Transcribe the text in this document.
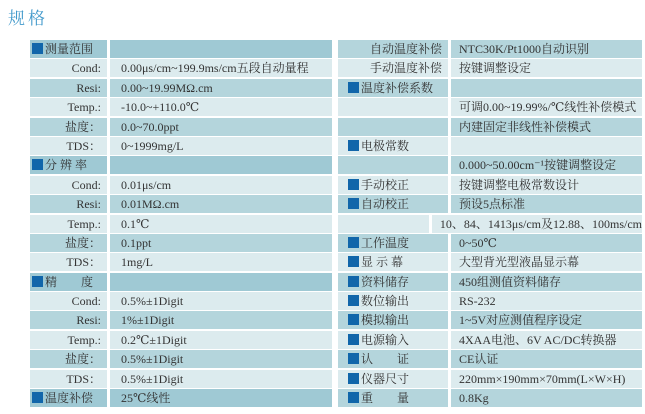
规格
测量范围
Cond:	0.00μs/cm~199.9ms/cm五段自动量程
Resi:	0.00~19.99MΩ.cm
Temp.:	-10.0~+110.0℃
盐度：	0.0~70.0ppt
TDS：	0~1999mg/L
分 辨 率
Cond:	0.01μs/cm
Resi:	0.01MΩ.cm
Temp.:	0.1℃
盐度：	0.1ppt
TDS：	1mg/L
精　　度
Cond:	0.5%±1Digit
Resi:	1%±1Digit
Temp.:	0.2℃±1Digit
盐度：	0.5%±1Digit
TDS：	0.5%±1Digit
温度补偿	25℃线性
自动温度补偿	NTC30K/Pt1000自动识别
手动温度补偿	按键调整设定
温度补偿系数
可调0.00~19.99%/℃线性补偿模式
内建固定非线性补偿模式
电极常数
0.000~50.00cm⁻¹按键调整设定
手动校正	按键调整电极常数设计
自动校正	预设5点标准
10、84、1413μs/cm及12.88、100ms/cm
工作温度	0~50℃
显 示 幕	大型背光型液晶显示幕
资料储存	450组测值资料储存
数位输出	RS-232
模拟输出	1~5V对应测值程序设定
电源输入	4XAA电池、6V AC/DC转换器
认　　证	CE认证
仪器尺寸	220mm×190mm×70mm(L×W×H)
重　　量	0.8Kg
